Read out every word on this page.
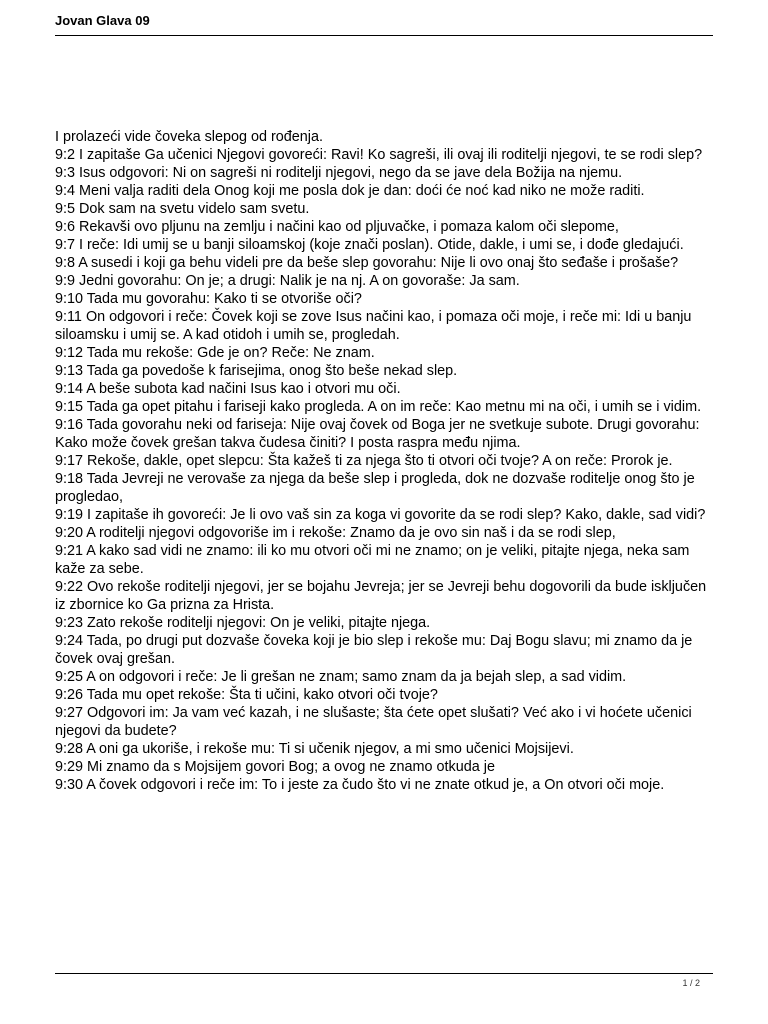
Jovan Glava 09

I prolazeći vide čoveka slepog od rođenja.

9:2 I zapitaše Ga učenici Njegovi govoreći: Ravi! Ko sagreši, ili ovaj ili roditelji njegovi, te se rodi slep?

9:3 Isus odgovori: Ni on sagreši ni roditelji njegovi, nego da se jave dela Božija na njemu.

9:4 Meni valja raditi dela Onog koji me posla dok je dan: doći će noć kad niko ne može raditi.

9:5 Dok sam na svetu videlo sam svetu.

9:6 Rekavši ovo pljunu na zemlju i načini kao od pljuvačke, i pomaza kalom oči slepome,

9:7 I reče: Idi umij se u banji siloamskoj (koje znači poslan). Otide, dakle, i umi se, i dođe gledajući.

9:8 A susedi i koji ga behu videli pre da beše slep govorahu: Nije li ovo onaj što sеđaše i prošaše?

9:9 Jedni govorahu: On je; a drugi: Nalik je na nj. A on govoraše: Ja sam.

9:10 Tada mu govorahu: Kako ti se otvoriše oči?

9:11 On odgovori i reče: Čovek koji se zove Isus načini kao, i pomaza oči moje, i reče mi: Idi u banju siloamsku i umij se. A kad otidoh i umih se, progledah.

9:12 Tada mu rekoše: Gde je on? Reče: Ne znam.

9:13 Tada ga povedoše k farisejima, onog što beše nekad slep.

9:14 A beše subota kad načini Isus kao i otvori mu oči.

9:15 Tada ga opet pitahu i fariseji kako progleda. A on im reče: Kao metnu mi na oči, i umih se i vidim.

9:16 Tada govorahu neki od fariseja: Nije ovaj čovek od Boga jer ne svetkuje subote. Drugi govorahu: Kako može čovek grešan takva čudesa činiti? I posta raspra među njima.

9:17 Rekoše, dakle, opet slepcu: Šta kažeš ti za njega što ti otvori oči tvoje? A on reče: Prorok je.

9:18 Tada Jevreji ne verovaše za njega da beše slep i progleda, dok ne dozvaše roditelje onog što je progledao,

9:19 I zapitaše ih govoreći: Je li ovo vaš sin za koga vi govorite da se rodi slep? Kako, dakle, sad vidi?

9:20 A roditelji njegovi odgovoriše im i rekoše: Znamo da je ovo sin naš i da se rodi slep,

9:21 A kako sad vidi ne znamo: ili ko mu otvori oči mi ne znamo; on je veliki, pitajte njega, neka sam kaže za sebe.

9:22 Ovo rekoše roditelji njegovi, jer se bojahu Jevreja; jer se Jevreji behu dogovorili da bude isključen iz zbornice ko Ga prizna za Hrista.

9:23 Zato rekoše roditelji njegovi: On je veliki, pitajte njega.

9:24 Tada, po drugi put dozvaše čoveka koji je bio slep i rekoše mu: Daj Bogu slavu; mi znamo da je čovek ovaj grešan.

9:25 A on odgovori i reče: Je li grešan ne znam; samo znam da ja bejah slep, a sad vidim.

9:26 Tada mu opet rekoše: Šta ti učini, kako otvori oči tvoje?

9:27 Odgovori im: Ja vam već kazah, i ne slušaste; šta ćete opet slušati? Već ako i vi hoćete učenici njegovi da budete?

9:28 A oni ga ukoriše, i rekoše mu: Ti si učenik njegov, a mi smo učenici Mojsijevi.

9:29 Mi znamo da s Mojsijem govori Bog; a ovog ne znamo otkuda je

9:30 A čovek odgovori i reče im: To i jeste za čudo što vi ne znate otkud je, a On otvori oči moje.

1 / 2
